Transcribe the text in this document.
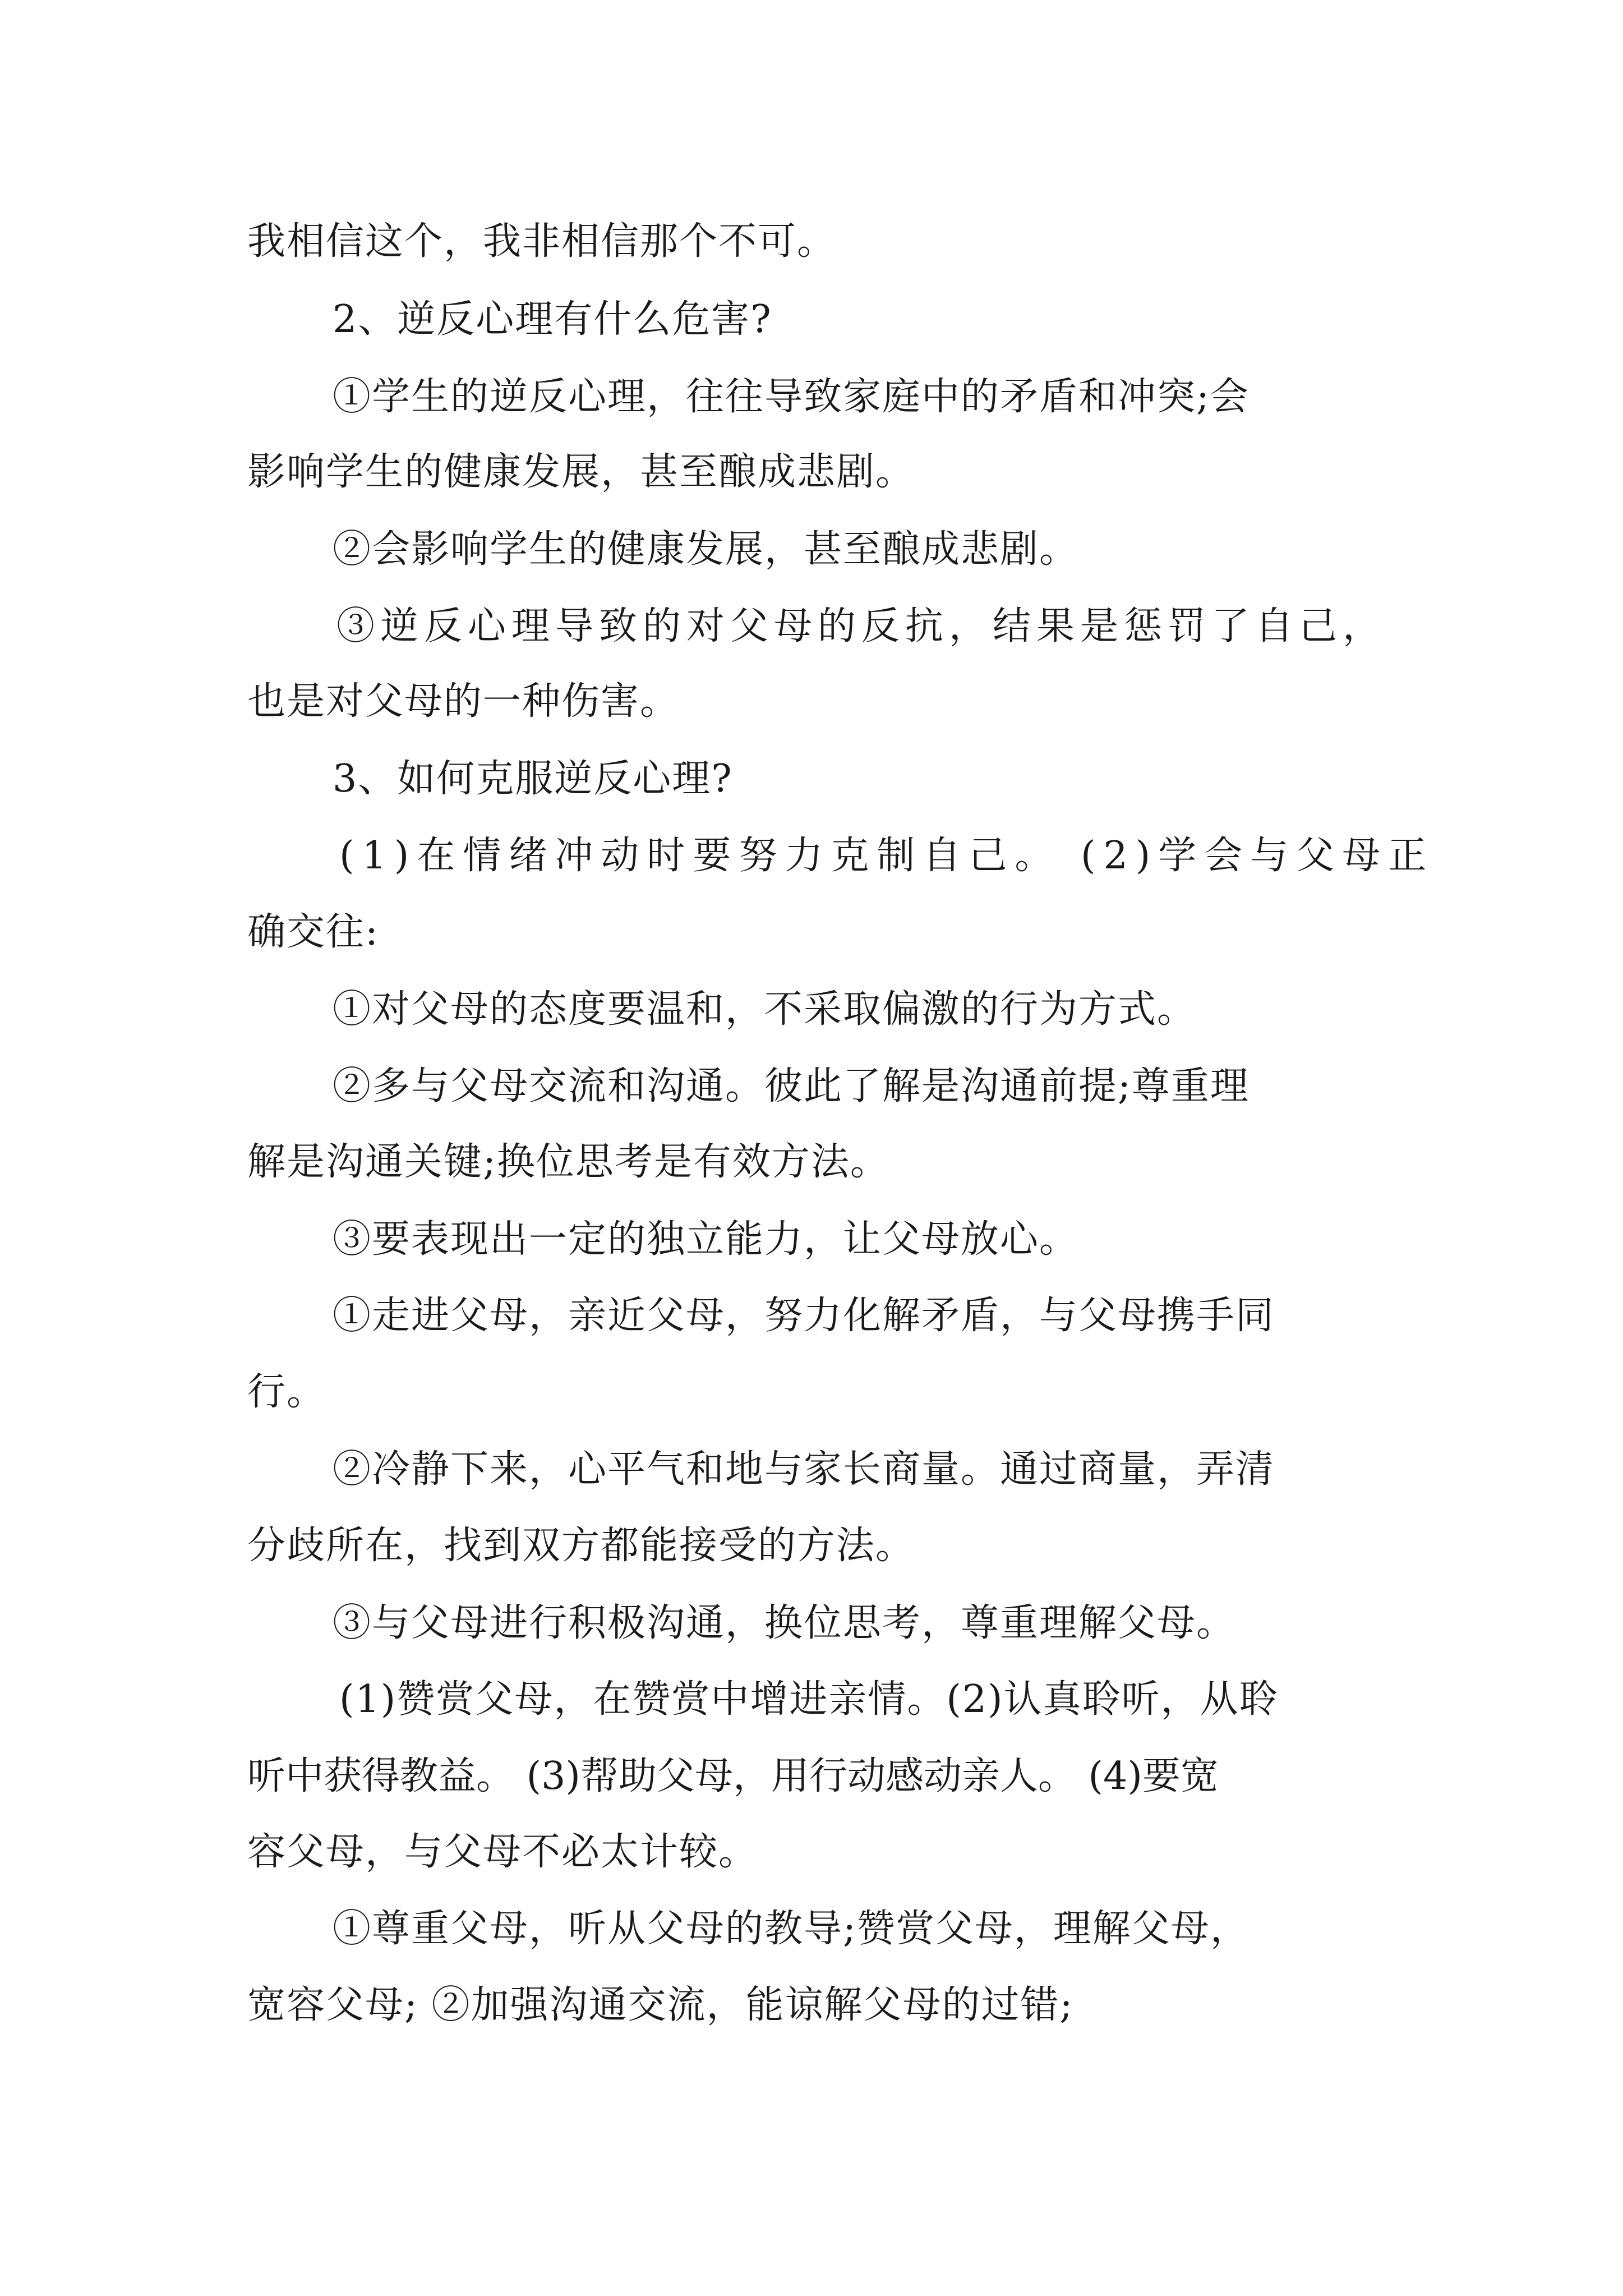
我相信这个，我非相信那个不可。

2、逆反心理有什么危害?

①学生的逆反心理，往往导致家庭中的矛盾和冲突;会

影响学生的健康发展，甚至酿成悲剧。

②会影响学生的健康发展，甚至酿成悲剧。

③逆反心理导致的对父母的反抗，结果是惩罚了自己，

也是对父母的一种伤害。

3、如何克服逆反心理?

(1)在情绪冲动时要努力克制自己。 (2)学会与父母正

确交往:

①对父母的态度要温和，不采取偏激的行为方式。

②多与父母交流和沟通。彼此了解是沟通前提;尊重理

解是沟通关键;换位思考是有效方法。

③要表现出一定的独立能力，让父母放心。

①走进父母，亲近父母，努力化解矛盾，与父母携手同

行。

②冷静下来，心平气和地与家长商量。通过商量，弄清

分歧所在，找到双方都能接受的方法。

③与父母进行积极沟通，换位思考，尊重理解父母。

(1)赞赏父母，在赞赏中增进亲情。(2)认真聆听，从聆

听中获得教益。 (3)帮助父母，用行动感动亲人。 (4)要宽

容父母，与父母不必太计较。

①尊重父母，听从父母的教导;赞赏父母，理解父母，

宽容父母; ②加强沟通交流，能谅解父母的过错;
